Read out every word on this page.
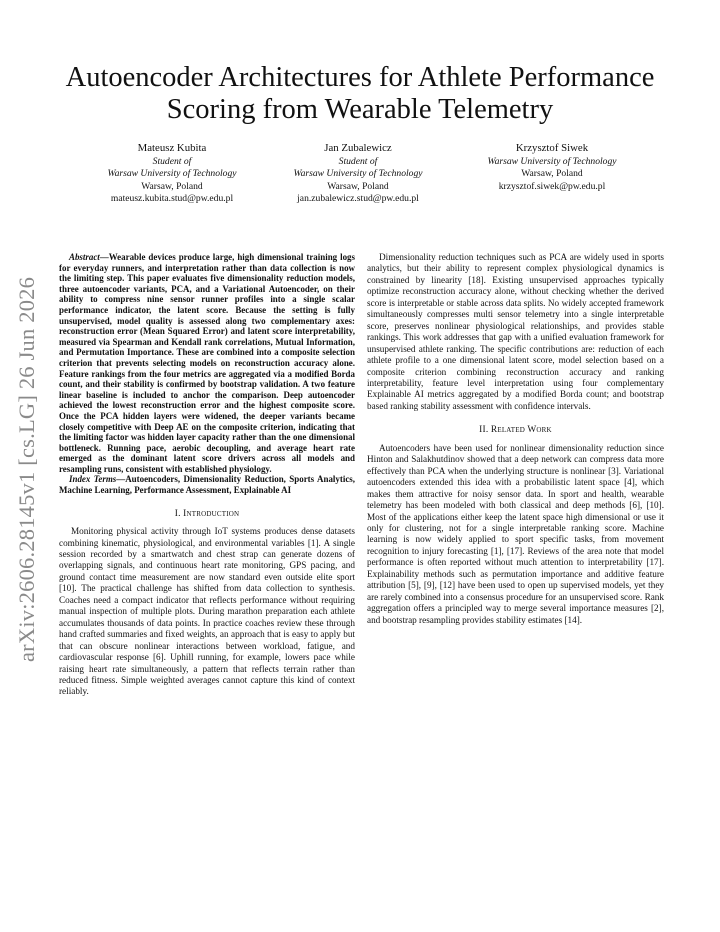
arXiv:2606.28145v1 [cs.LG] 26 Jun 2026
Autoencoder Architectures for Athlete Performance Scoring from Wearable Telemetry
Mateusz Kubita
Student of
Warsaw University of Technology
Warsaw, Poland
mateusz.kubita.stud@pw.edu.pl
Jan Zubalewicz
Student of
Warsaw University of Technology
Warsaw, Poland
jan.zubalewicz.stud@pw.edu.pl
Krzysztof Siwek
Warsaw University of Technology
Warsaw, Poland
krzysztof.siwek@pw.edu.pl

Abstract—Wearable devices produce large, high dimensional training logs for everyday runners, and interpretation rather than data collection is now the limiting step. This paper evaluates five dimensionality reduction models, three autoencoder variants, PCA, and a Variational Autoencoder, on their ability to compress nine sensor runner profiles into a single scalar performance indicator, the latent score. Because the setting is fully unsupervised, model quality is assessed along two complementary axes: reconstruction error (Mean Squared Error) and latent score interpretability, measured via Spearman and Kendall rank correlations, Mutual Information, and Permutation Importance. These are combined into a composite selection criterion that prevents selecting models on reconstruction accuracy alone. Feature rankings from the four metrics are aggregated via a modified Borda count, and their stability is confirmed by bootstrap validation. A two feature linear baseline is included to anchor the comparison. Deep autoencoder achieved the lowest reconstruction error and the highest composite score. Once the PCA hidden layers were widened, the deeper variants became closely competitive with Deep AE on the composite criterion, indicating that the limiting factor was hidden layer capacity rather than the one dimensional bottleneck. Running pace, aerobic decoupling, and average heart rate emerged as the dominant latent score drivers across all models and resampling runs, consistent with established physiology.

Index Terms—Autoencoders, Dimensionality Reduction, Sports Analytics, Machine Learning, Performance Assessment, Explainable AI

I. Introduction

Monitoring physical activity through IoT systems produces dense datasets combining kinematic, physiological, and environmental variables [1]. A single session recorded by a smartwatch and chest strap can generate dozens of overlapping signals, and continuous heart rate monitoring, GPS pacing, and ground contact time measurement are now standard even outside elite sport [10]. The practical challenge has shifted from data collection to synthesis. Coaches need a compact indicator that reflects performance without requiring manual inspection of multiple plots. During marathon preparation each athlete accumulates thousands of data points. In practice coaches review these through hand crafted summaries and fixed weights, an approach that is easy to apply but that can obscure nonlinear interactions between workload, fatigue, and cardiovascular response [6]. Uphill running, for example, lowers pace while raising heart rate simultaneously, a pattern that reflects terrain rather than reduced fitness. Simple weighted averages cannot capture this kind of context reliably.

Dimensionality reduction techniques such as PCA are widely used in sports analytics, but their ability to represent complex physiological dynamics is constrained by linearity [18]. Existing unsupervised approaches typically optimize reconstruction accuracy alone, without checking whether the derived score is interpretable or stable across data splits. No widely accepted framework simultaneously compresses multi sensor telemetry into a single interpretable score, preserves nonlinear physiological relationships, and provides stable rankings. This work addresses that gap with a unified evaluation framework for unsupervised athlete ranking. The specific contributions are: reduction of each athlete profile to a one dimensional latent score, model selection based on a composite criterion combining reconstruction accuracy and ranking interpretability, feature level interpretation using four complementary Explainable AI metrics aggregated by a modified Borda count; and bootstrap based ranking stability assessment with confidence intervals.

II. Related Work

Autoencoders have been used for nonlinear dimensionality reduction since Hinton and Salakhutdinov showed that a deep network can compress data more effectively than PCA when the underlying structure is nonlinear [3]. Variational autoencoders extended this idea with a probabilistic latent space [4], which makes them attractive for noisy sensor data. In sport and health, wearable telemetry has been modeled with both classical and deep methods [6], [10]. Most of the applications either keep the latent space high dimensional or use it only for clustering, not for a single interpretable ranking score. Machine learning is now widely applied to sport specific tasks, from movement recognition to injury forecasting [1], [17]. Reviews of the area note that model performance is often reported without much attention to interpretability [17]. Explainability methods such as permutation importance and additive feature attribution [5], [9], [12] have been used to open up supervised models, yet they are rarely combined into a consensus procedure for an unsupervised score. Rank aggregation offers a principled way to merge several importance measures [2], and bootstrap resampling provides stability estimates [14].
